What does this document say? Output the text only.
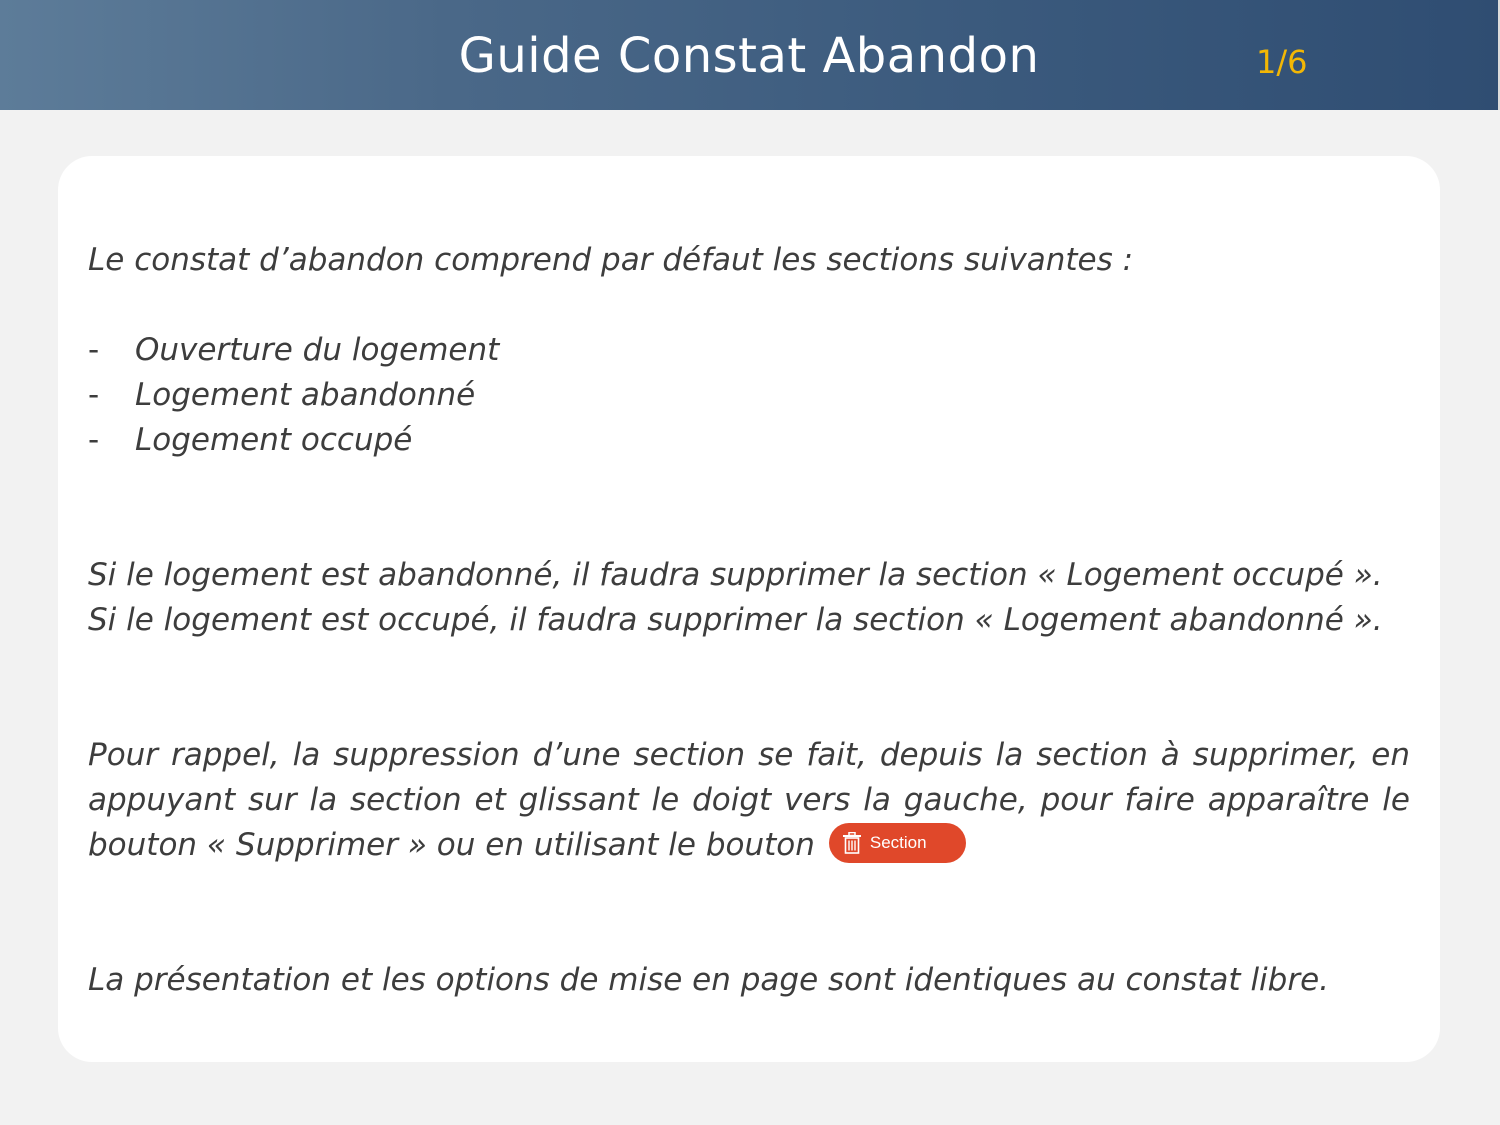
Guide Constat Abandon	1/6

Le constat d’abandon comprend par défaut les sections suivantes :

- Ouverture du logement
- Logement abandonné
- Logement occupé
Si le logement est abandonné, il faudra supprimer la section « Logement occupé ».
Si le logement est occupé, il faudra supprimer la section « Logement abandonné ».

Pour rappel, la suppression d’une section se fait, depuis la section à supprimer, en appuyant sur la section et glissant le doigt vers la gauche, pour faire apparaître le bouton « Supprimer » ou en utilisant le bouton	Section

La présentation et les options de mise en page sont identiques au constat libre.
